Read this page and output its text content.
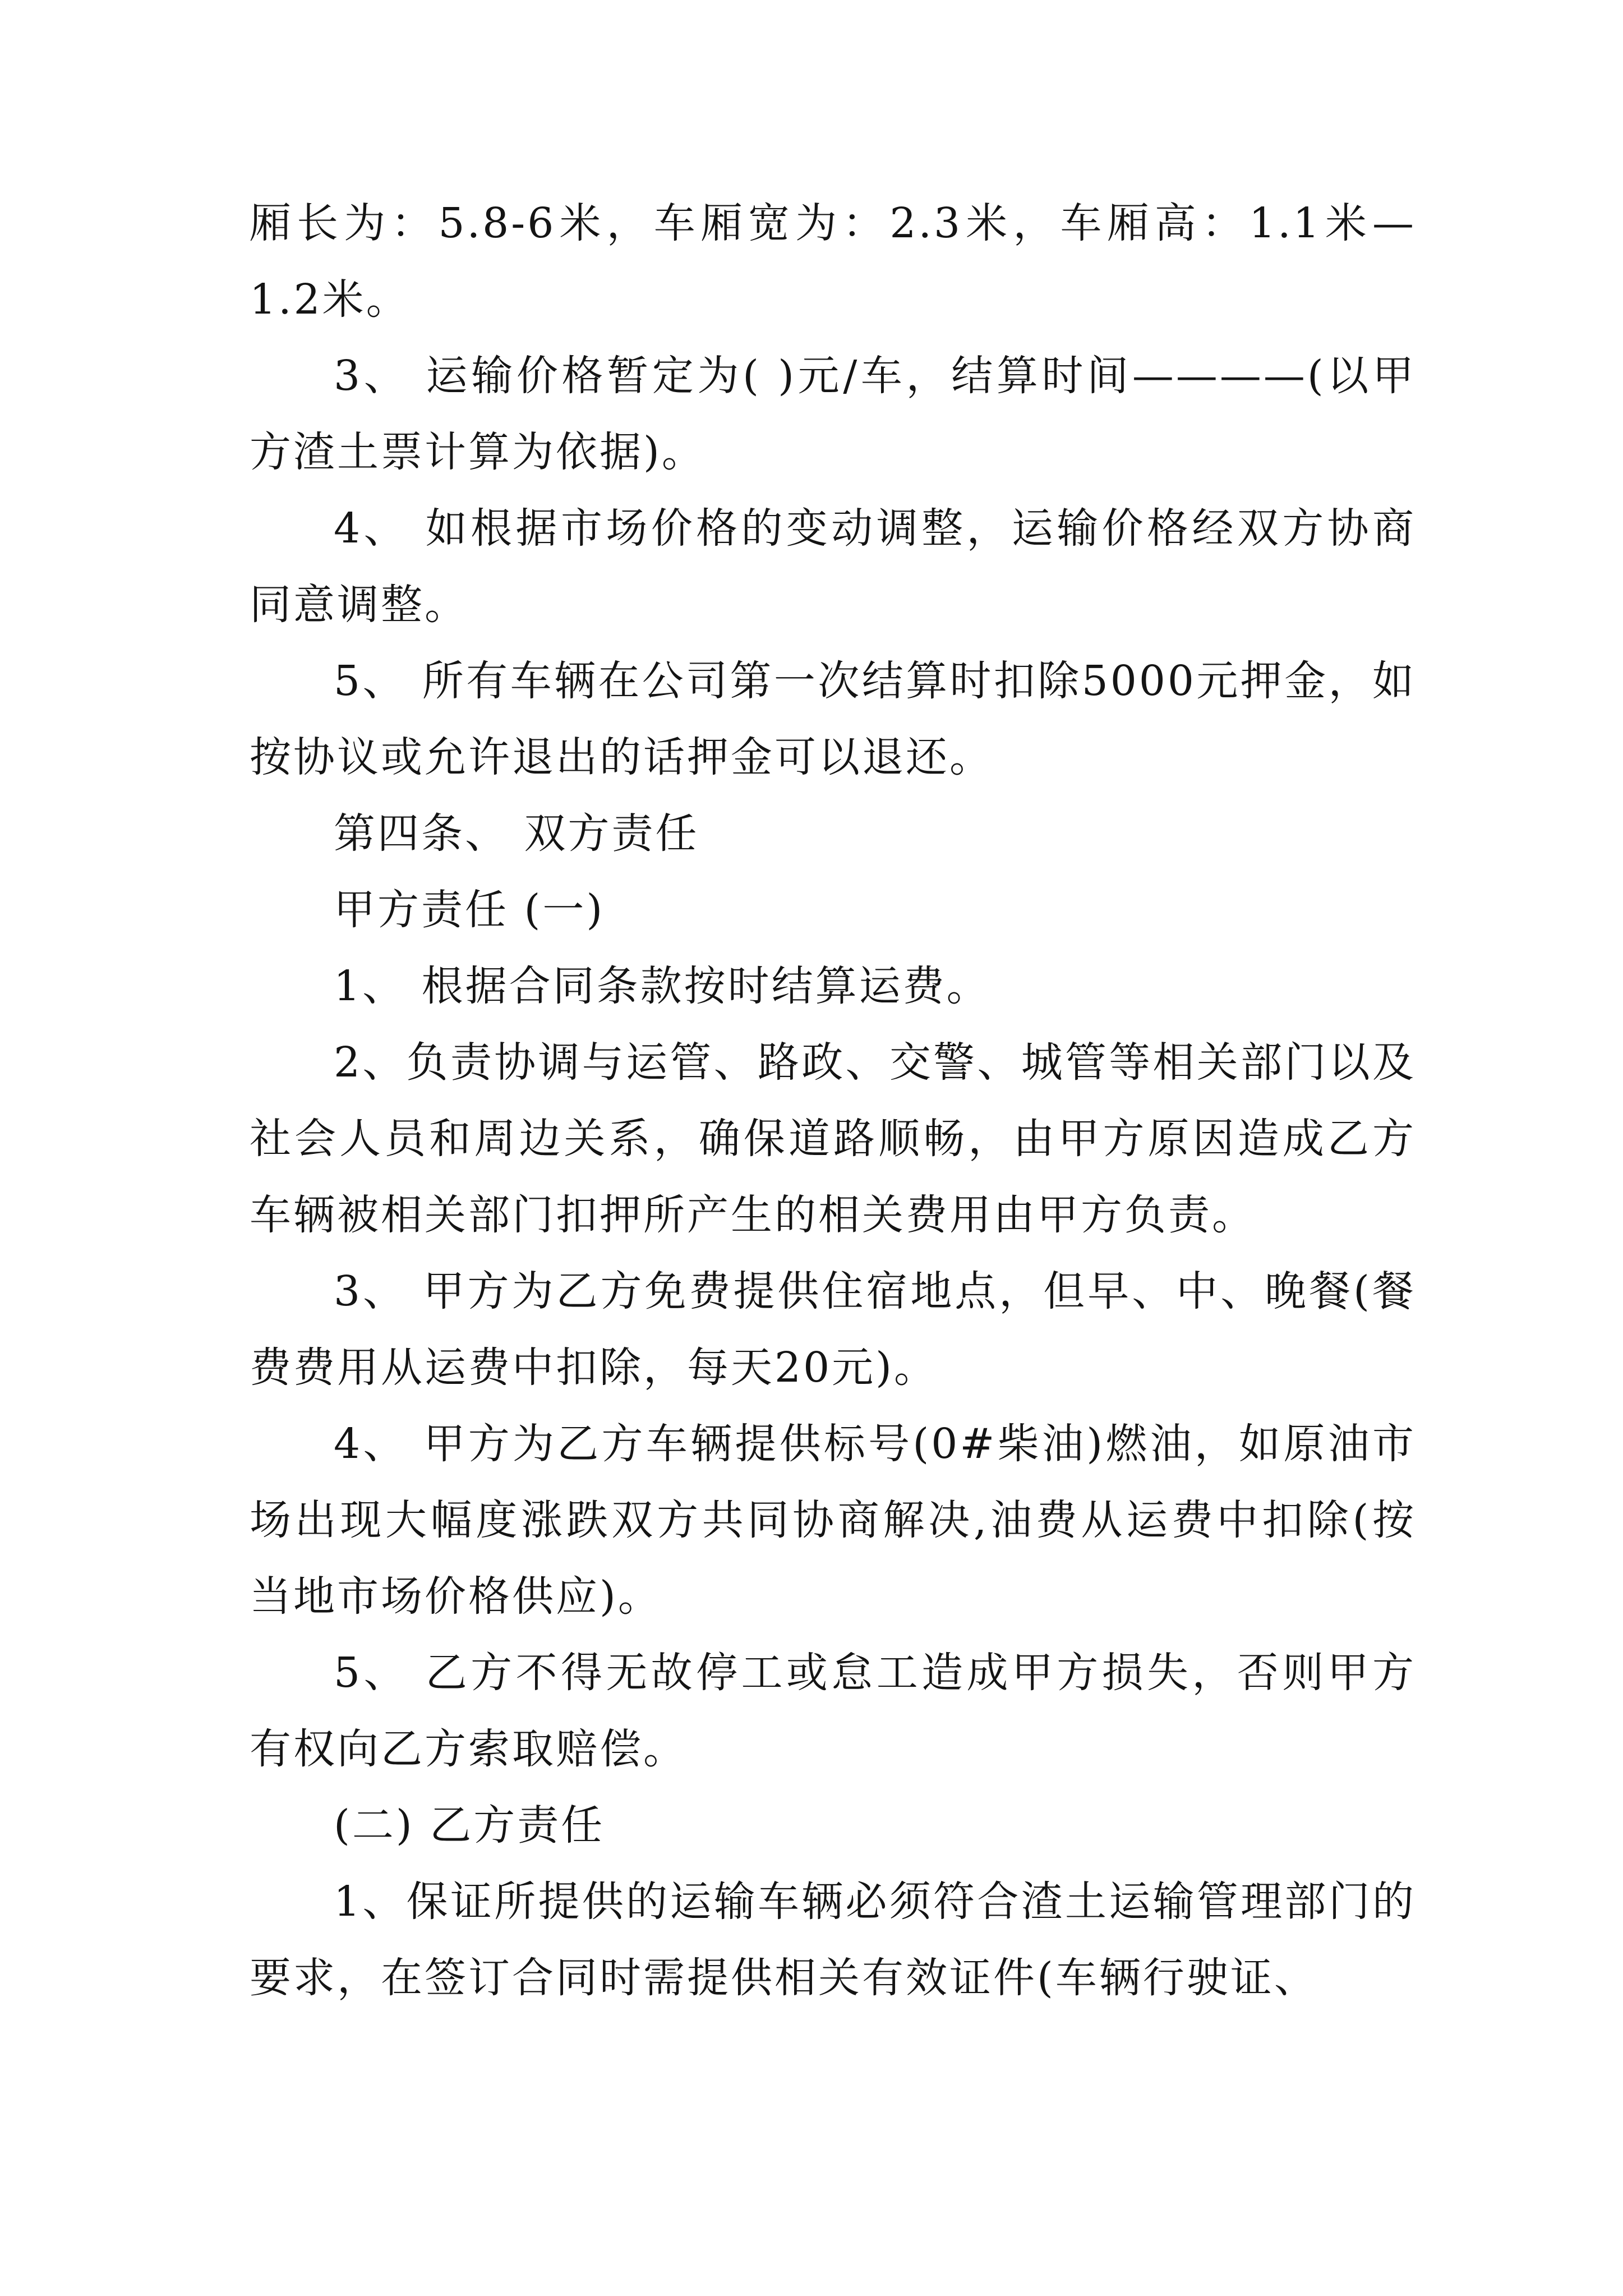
厢长为：5.8-6米，车厢宽为：2.3米，车厢高：1.1米—1.2米。

3、 运输价格暂定为( )元/车，结算时间————(以甲方渣土票计算为依据)。

4、 如根据市场价格的变动调整，运输价格经双方协商同意调整。

5、 所有车辆在公司第一次结算时扣除5000元押金，如按协议或允许退出的话押金可以退还。

第四条、 双方责任

甲方责任 (一)

1、 根据合同条款按时结算运费。

2、负责协调与运管、路政、交警、城管等相关部门以及社会人员和周边关系，确保道路顺畅，由甲方原因造成乙方车辆被相关部门扣押所产生的相关费用由甲方负责。

3、 甲方为乙方免费提供住宿地点，但早、中、晚餐(餐费费用从运费中扣除，每天20元)。

4、 甲方为乙方车辆提供标号(0#柴油)燃油，如原油市场出现大幅度涨跌双方共同协商解决,油费从运费中扣除(按当地市场价格供应)。

5、 乙方不得无故停工或怠工造成甲方损失，否则甲方有权向乙方索取赔偿。

(二) 乙方责任

1、保证所提供的运输车辆必须符合渣土运输管理部门的要求，在签订合同时需提供相关有效证件(车辆行驶证、
